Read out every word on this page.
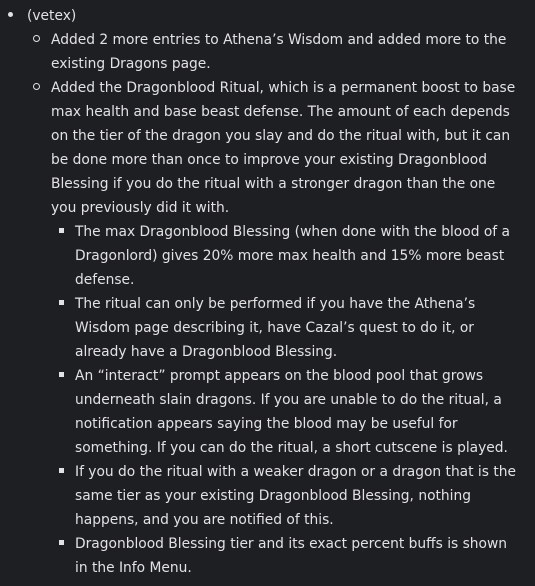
(vetex)
Added 2 more entries to Athena’s Wisdom and added more to the existing Dragons page.
Added the Dragonblood Ritual, which is a permanent boost to base max health and base beast defense. The amount of each depends on the tier of the dragon you slay and do the ritual with, but it can be done more than once to improve your existing Dragonblood Blessing if you do the ritual with a stronger dragon than the one you previously did it with.
The max Dragonblood Blessing (when done with the blood of a Dragonlord) gives 20% more max health and 15% more beast defense.
The ritual can only be performed if you have the Athena’s Wisdom page describing it, have Cazal’s quest to do it, or already have a Dragonblood Blessing.
An “interact” prompt appears on the blood pool that grows underneath slain dragons. If you are unable to do the ritual, a notification appears saying the blood may be useful for something. If you can do the ritual, a short cutscene is played.
If you do the ritual with a weaker dragon or a dragon that is the same tier as your existing Dragonblood Blessing, nothing happens, and you are notified of this.
Dragonblood Blessing tier and its exact percent buffs is shown in the Info Menu.
